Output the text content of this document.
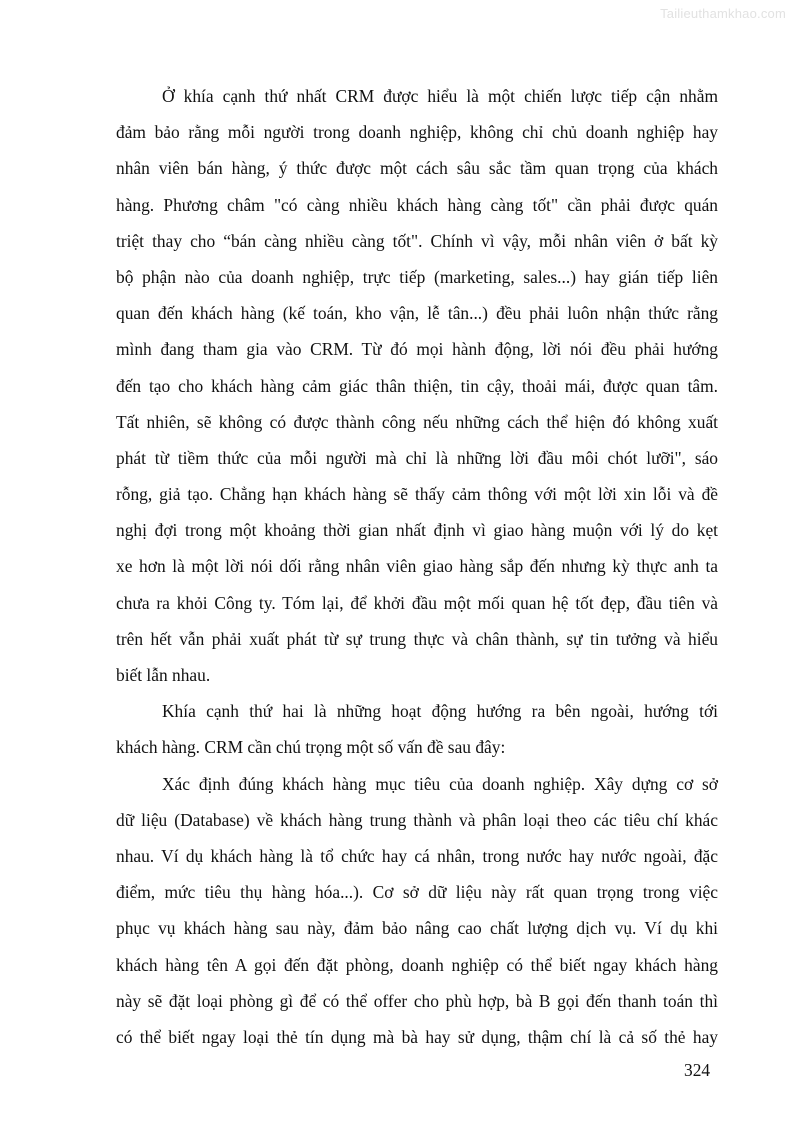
Tailieuthamkhao.com
Ở khía cạnh thứ nhất CRM được hiểu là một chiến lược tiếp cận nhằm
đảm bảo rằng mỗi người trong doanh nghiệp, không chỉ chủ doanh nghiệp hay
nhân viên bán hàng, ý thức được một cách sâu sắc tầm quan trọng của khách
hàng. Phương châm "có càng nhiều khách hàng càng tốt" cần phải được quán
triệt thay cho “bán càng nhiều càng tốt". Chính vì vậy, mỗi nhân viên ở bất kỳ
bộ phận nào của doanh nghiệp, trực tiếp (marketing, sales...) hay gián tiếp liên
quan đến khách hàng (kế toán, kho vận, lễ tân...) đều phải luôn nhận thức rằng
mình đang tham gia vào CRM. Từ đó mọi hành động, lời nói đều phải hướng
đến tạo cho khách hàng cảm giác thân thiện, tin cậy, thoải mái, được quan tâm.
Tất nhiên, sẽ không có được thành công nếu những cách thể hiện đó không xuất
phát từ tiềm thức của mỗi người mà chỉ là những lời đầu môi chót lưỡi", sáo
rỗng, giả tạo. Chẳng hạn khách hàng sẽ thấy cảm thông với một lời xin lỗi và đề
nghị đợi trong một khoảng thời gian nhất định vì giao hàng muộn với lý do kẹt
xe hơn là một lời nói dối rằng nhân viên giao hàng sắp đến nhưng kỳ thực anh ta
chưa ra khỏi Công ty. Tóm lại, để khởi đầu một mối quan hệ tốt đẹp, đầu tiên và
trên hết vẫn phải xuất phát từ sự trung thực và chân thành, sự tin tưởng và hiểu
biết lẫn nhau.
Khía cạnh thứ hai là những hoạt động hướng ra bên ngoài, hướng tới
khách hàng. CRM cần chú trọng một số vấn đề sau đây:
Xác định đúng khách hàng mục tiêu của doanh nghiệp. Xây dựng cơ sở
dữ liệu (Database) về khách hàng trung thành và phân loại theo các tiêu chí khác
nhau. Ví dụ khách hàng là tổ chức hay cá nhân, trong nước hay nước ngoài, đặc
điểm, mức tiêu thụ hàng hóa...). Cơ sở dữ liệu này rất quan trọng trong việc
phục vụ khách hàng sau này, đảm bảo nâng cao chất lượng dịch vụ. Ví dụ khi
khách hàng tên A gọi đến đặt phòng, doanh nghiệp có thể biết ngay khách hàng
này sẽ đặt loại phòng gì để có thể offer cho phù hợp, bà B gọi đến thanh toán thì
có thể biết ngay loại thẻ tín dụng mà bà hay sử dụng, thậm chí là cả số thẻ hay
324
